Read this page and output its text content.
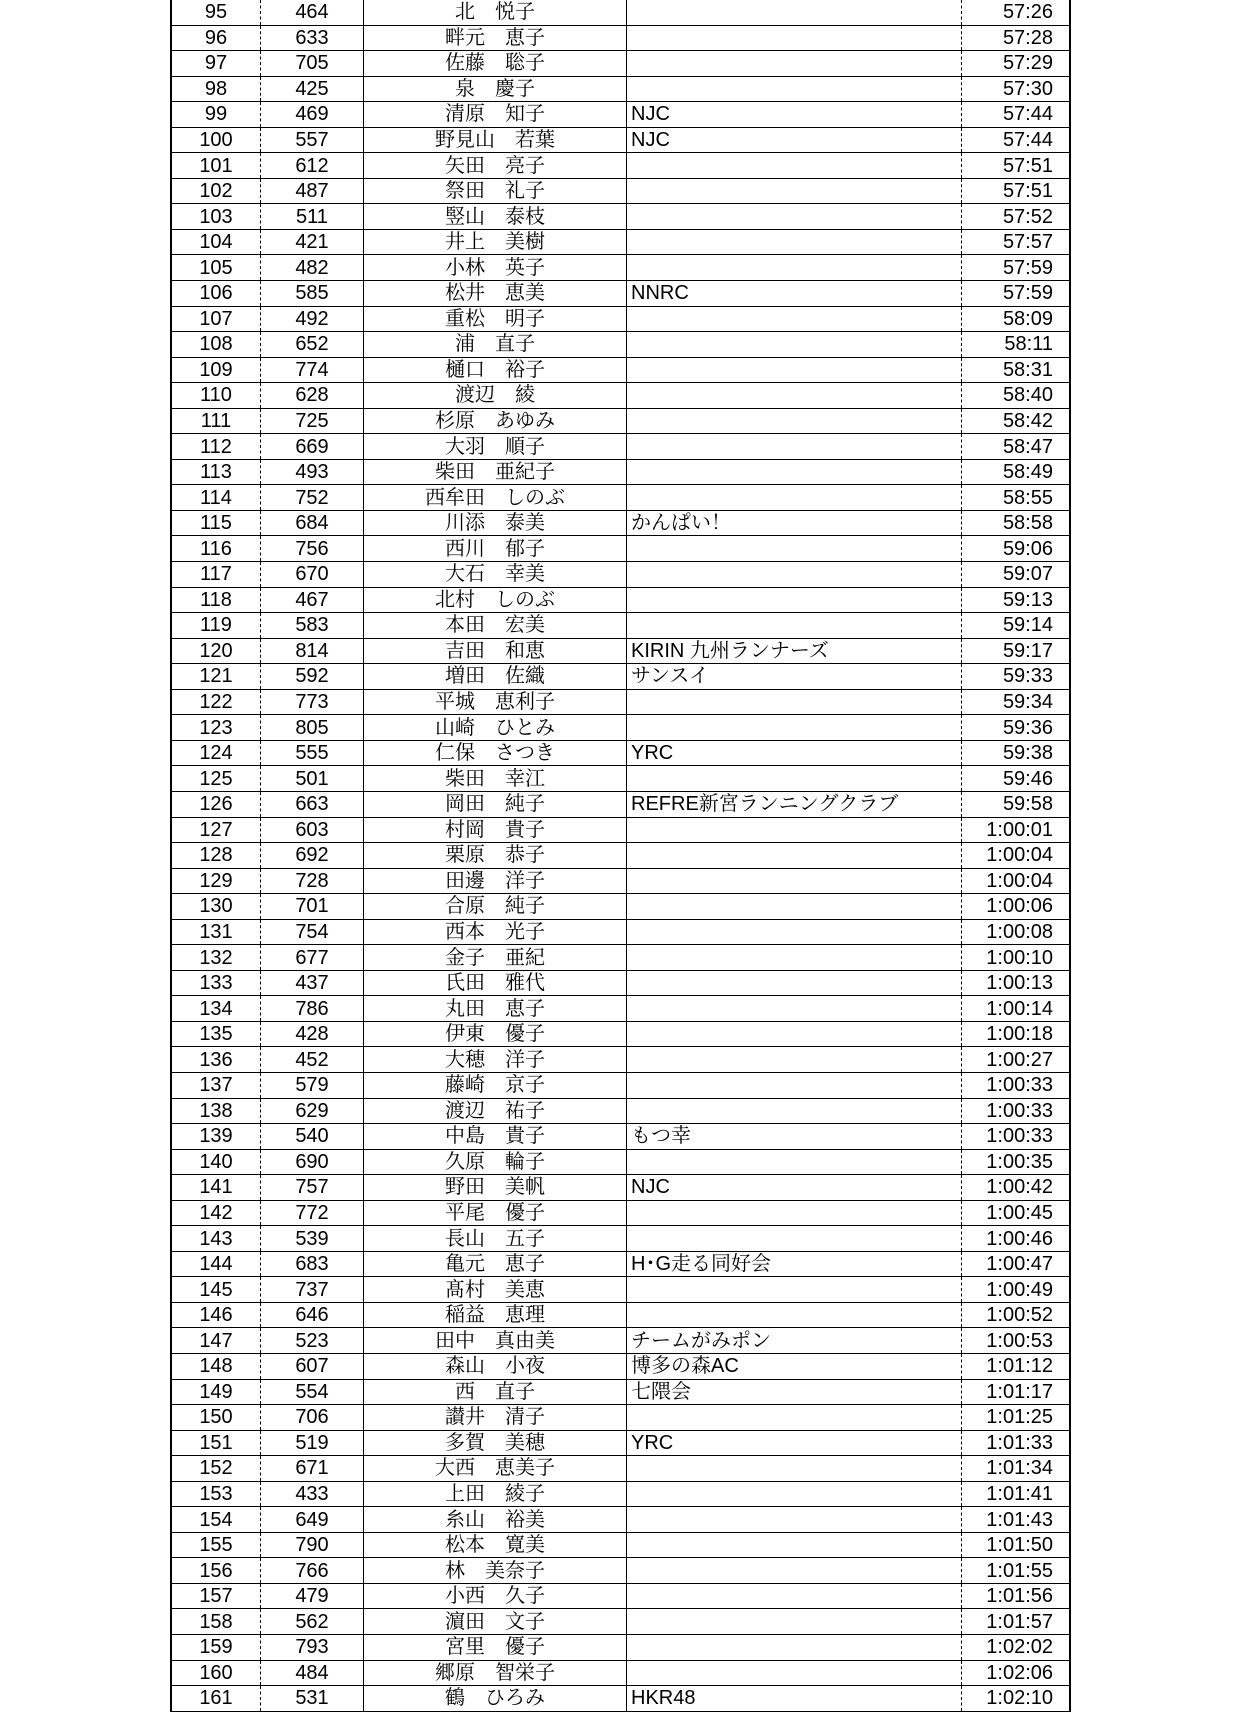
95	464	北　悦子		57:26
96	633	畔元　恵子		57:28
97	705	佐藤　聡子		57:29
98	425	泉　慶子		57:30
99	469	清原　知子	NJC	57:44
100	557	野見山　若葉	NJC	57:44
101	612	矢田　亮子		57:51
102	487	祭田　礼子		57:51
103	511	竪山　泰枝		57:52
104	421	井上　美樹		57:57
105	482	小林　英子		57:59
106	585	松井　恵美	NNRC	57:59
107	492	重松　明子		58:09
108	652	浦　直子		58:11
109	774	樋口　裕子		58:31
110	628	渡辺　綾		58:40
111	725	杉原　あゆみ		58:42
112	669	大羽　順子		58:47
113	493	柴田　亜紀子		58:49
114	752	西牟田　しのぶ		58:55
115	684	川添　泰美	かんぱい！	58:58
116	756	西川　郁子		59:06
117	670	大石　幸美		59:07
118	467	北村　しのぶ		59:13
119	583	本田　宏美		59:14
120	814	吉田　和恵	KIRIN 九州ランナーズ	59:17
121	592	増田　佐織	サンスイ	59:33
122	773	平城　恵利子		59:34
123	805	山崎　ひとみ		59:36
124	555	仁保　さつき	YRC	59:38
125	501	柴田　幸江		59:46
126	663	岡田　純子	REFRE新宮ランニングクラブ	59:58
127	603	村岡　貴子		1:00:01
128	692	栗原　恭子		1:00:04
129	728	田邊　洋子		1:00:04
130	701	合原　純子		1:00:06
131	754	西本　光子		1:00:08
132	677	金子　亜紀		1:00:10
133	437	氏田　雅代		1:00:13
134	786	丸田　恵子		1:00:14
135	428	伊東　優子		1:00:18
136	452	大穂　洋子		1:00:27
137	579	藤崎　京子		1:00:33
138	629	渡辺　祐子		1:00:33
139	540	中島　貴子	もつ幸	1:00:33
140	690	久原　輪子		1:00:35
141	757	野田　美帆	NJC	1:00:42
142	772	平尾　優子		1:00:45
143	539	長山　五子		1:00:46
144	683	亀元　恵子	H･G走る同好会	1:00:47
145	737	髙村　美恵		1:00:49
146	646	稲益　恵理		1:00:52
147	523	田中　真由美	チームがみポン	1:00:53
148	607	森山　小夜	博多の森AC	1:01:12
149	554	西　直子	七隈会	1:01:17
150	706	讃井　清子		1:01:25
151	519	多賀　美穂	YRC	1:01:33
152	671	大西　恵美子		1:01:34
153	433	上田　綾子		1:01:41
154	649	糸山　裕美		1:01:43
155	790	松本　寛美		1:01:50
156	766	林　美奈子		1:01:55
157	479	小西　久子		1:01:56
158	562	濵田　文子		1:01:57
159	793	宮里　優子		1:02:02
160	484	郷原　智栄子		1:02:06
161	531	鶴　ひろみ	HKR48	1:02:10
